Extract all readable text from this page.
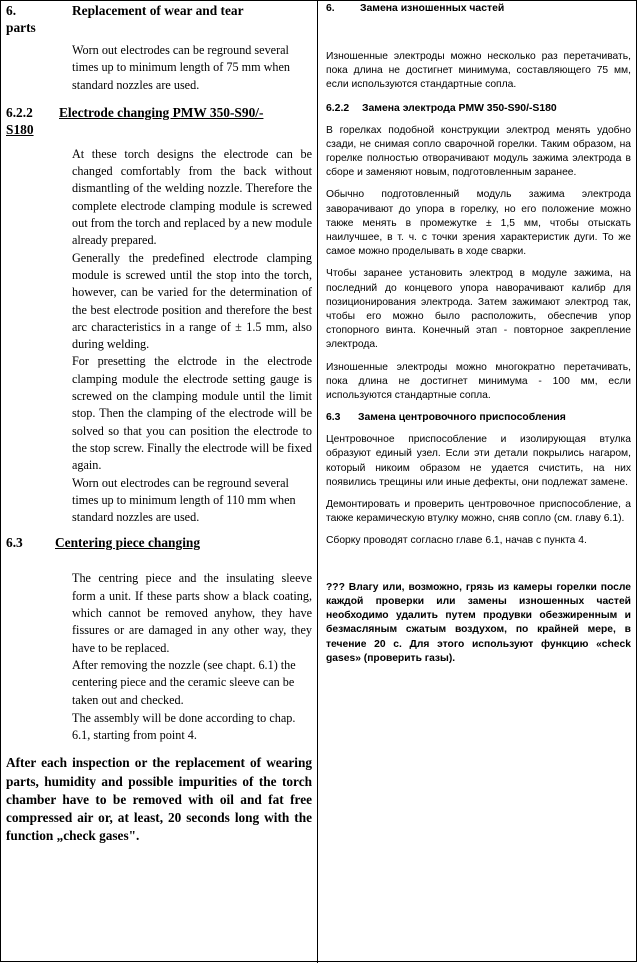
6.	Replacement of wear and tear
parts

Worn out electrodes can be reground several times up to minimum length of 75 mm when standard nozzles are used.

6.2.2 Electrode changing PMW 350-S90/-
S180

At these torch designs the electrode can be changed comfortably from the back without dismantling of the welding nozzle. Therefore the complete electrode clamping module is screwed out from the torch and replaced by a new module already prepared.

Generally the predefined electrode clamping module is screwed until the stop into the torch, however, can be varied for the determination of the best electrode position and therefore the best arc characteristics in a range of ± 1.5 mm, also during welding.

For presetting the elctrode in the electrode clamping module the electrode setting gauge is screwed on the clamping module until the limit stop. Then the clamping of the electrode will be solved so that you can position the electrode to the stop screw. Finally the electrode will be fixed again.

Worn out electrodes can be reground several times up to minimum length of 110 mm when standard nozzles are used.

6.3 Centering piece changing

The centring piece and the insulating sleeve form a unit. If these parts show a black coating, which cannot be removed anyhow, they have fissures or are damaged in any other way, they have to be replaced.

After removing the nozzle (see chapt. 6.1) the centering piece and the ceramic sleeve can be taken out and checked.

The assembly will be done according to chap. 6.1, starting from point 4.

After each inspection or the replacement of wearing parts, humidity and possible impurities of the torch chamber have to be removed with oil and fat free compressed air or, at least, 20 seconds long with the function „check gases".

6. Замена изношенных частей

Изношенные электроды можно несколько раз перетачивать, пока длина не достигнет минимума, составляющего 75 мм, если используются стандартные сопла.

6.2.2 Замена электрода PMW 350-S90/-S180

В горелках подобной конструкции электрод менять удобно сзади, не снимая сопло сварочной горелки. Таким образом, на горелке полностью отворачивают модуль зажима электрода в сборе и заменяют новым, подготовленным заранее.

Обычно подготовленный модуль зажима электрода заворачивают до упора в горелку, но его положение можно также менять в промежутке ± 1,5 мм, чтобы отыскать наилучшее, в т. ч. с точки зрения характеристик дуги. То же самое можно проделывать в ходе сварки.

Чтобы заранее установить электрод в модуле зажима, на последний до концевого упора наворачивают калибр для позиционирования электрода. Затем зажимают электрод так, чтобы его можно было расположить, обеспечив упор стопорного винта. Конечный этап - повторное закрепление электрода.

Изношенные электроды можно многократно перетачивать, пока длина не достигнет минимума - 100 мм, если используются стандартные сопла.

6.3 Замена центровочного приспособления

Центровочное приспособление и изолирующая втулка образуют единый узел. Если эти детали покрылись нагаром, который никоим образом не удается счистить, на них появились трещины или иные дефекты, они подлежат замене.

Демонтировать и проверить центровочное приспособление, а также керамическую втулку можно, сняв сопло (см. главу 6.1).

Сборку проводят согласно главе 6.1, начав с пункта 4.

??? Влагу или, возможно, грязь из камеры горелки после каждой проверки или замены изношенных частей необходимо удалить путем продувки обезжиренным и безмасляным сжатым воздухом, по крайней мере, в течение 20 с. Для этого используют функцию «check gases» (проверить газы).
